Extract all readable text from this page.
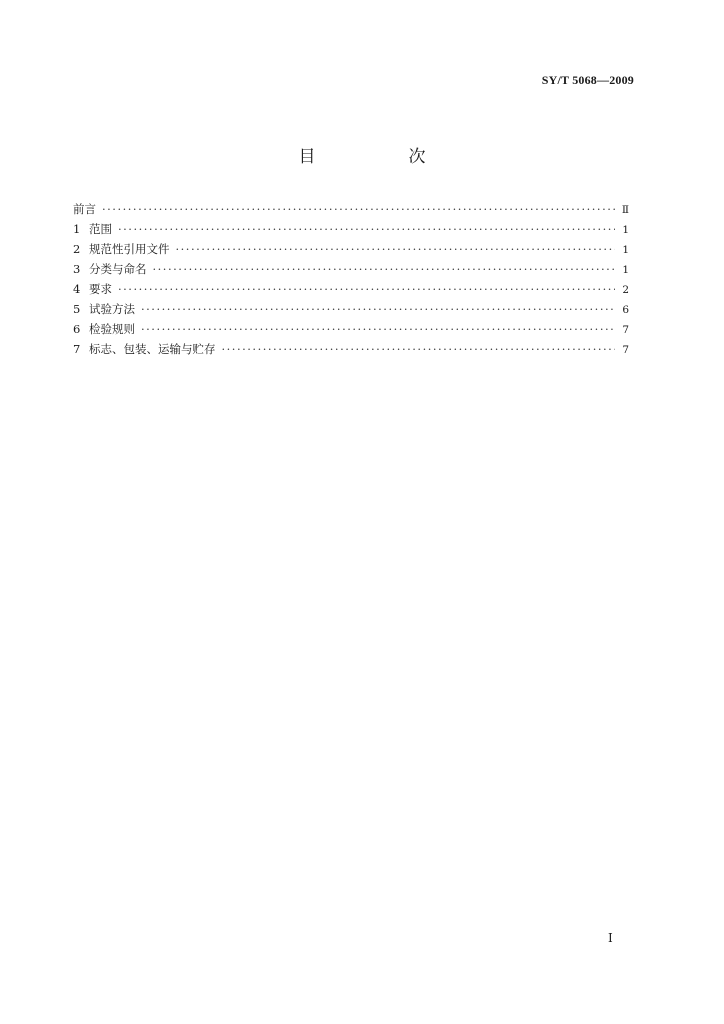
SY/T 5068—2009
目　次
前言 ·····	Ⅱ
1 范围 ·····	1
2 规范性引用文件 ·····	1
3 分类与命名 ·····	1
4 要求 ·····	2
5 试验方法 ·····	6
6 检验规则 ·····	7
7 标志、包装、运输与贮存 ·····	7
Ⅰ
